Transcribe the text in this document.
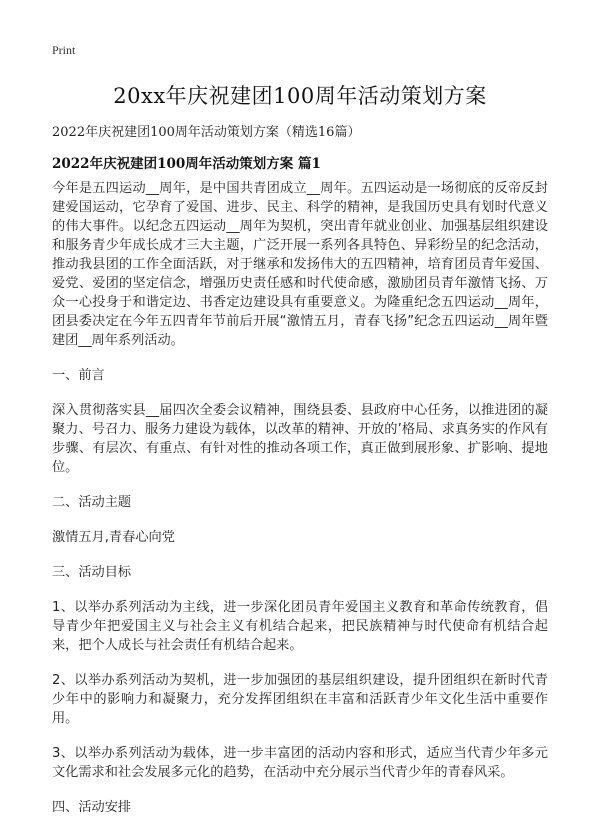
Print
20xx年庆祝建团100周年活动策划方案
2022年庆祝建团100周年活动策划方案（精选16篇）
2022年庆祝建团100周年活动策划方案 篇1

今年是五四运动__周年，是中国共青团成立__周年。五四运动是一场彻底的反帝反封建爱国运动，它孕育了爱国、进步、民主、科学的精神，是我国历史具有划时代意义的伟大事件。以纪念五四运动__周年为契机，突出青年就业创业、加强基层组织建设和服务青少年成长成才三大主题，广泛开展一系列各具特色、异彩纷呈的纪念活动，推动我县团的工作全面活跃，对于继承和发扬伟大的五四精神，培育团员青年爱国、爱党、爱团的坚定信念，增强历史责任感和时代使命感，激励团员青年激情飞扬、万众一心投身于和谐定边、书香定边建设具有重要意义。为隆重纪念五四运动__周年，团县委决定在今年五四青年节前后开展“激情五月，青春飞扬”纪念五四运动__周年暨建团__周年系列活动。

一、前言

深入贯彻落实县__届四次全委会议精神，围绕县委、县政府中心任务，以推进团的凝聚力、号召力、服务力建设为载体，以改革的精神、开放的’格局、求真务实的作风有步骤、有层次、有重点、有针对性的推动各项工作，真正做到展形象、扩影响、提地位。

二、活动主题

激情五月,青春心向党

三、活动目标

1、以举办系列活动为主线，进一步深化团员青年爱国主义教育和革命传统教育，倡导青少年把爱国主义与社会主义有机结合起来，把民族精神与时代使命有机结合起来，把个人成长与社会责任有机结合起来。

2、以举办系列活动为契机，进一步加强团的基层组织建设，提升团组织在新时代青少年中的影响力和凝聚力，充分发挥团组织在丰富和活跃青少年文化生活中重要作用。

3、以举办系列活动为载体，进一步丰富团的活动内容和形式，适应当代青少年多元文化需求和社会发展多元化的趋势，在活动中充分展示当代青少年的青春风采。

四、活动安排
